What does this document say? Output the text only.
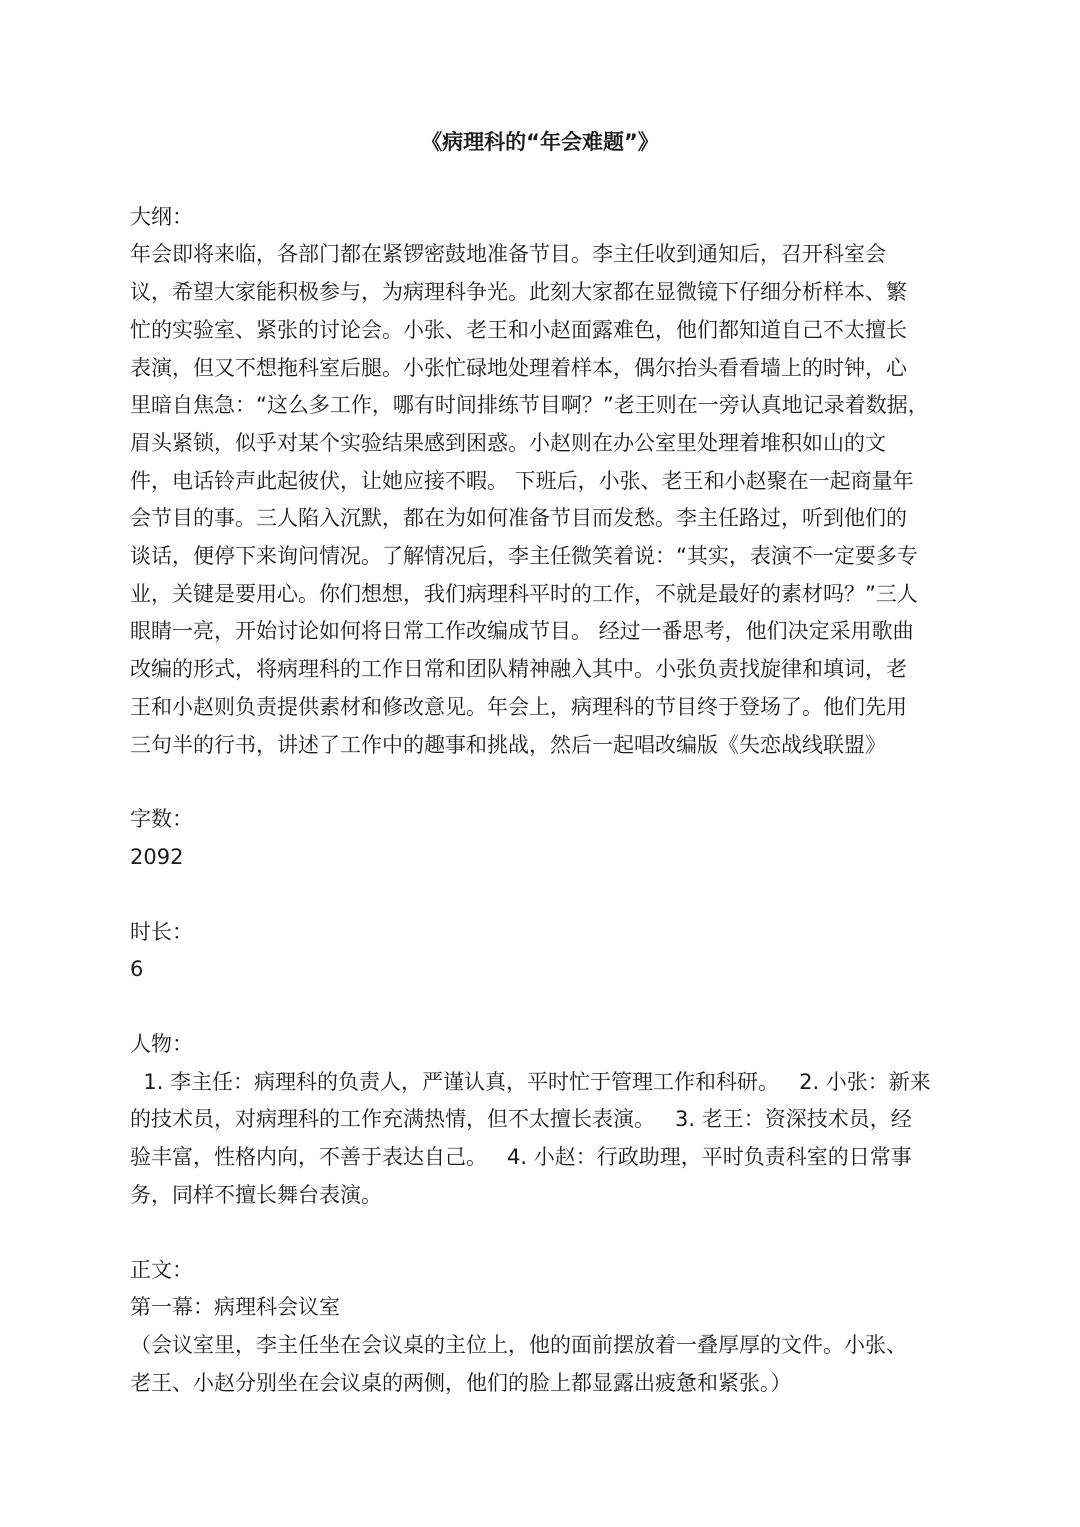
《病理科的“年会难题”》
大纲：
年会即将来临，各部门都在紧锣密鼓地准备节目。李主任收到通知后，召开科室会
议，希望大家能积极参与，为病理科争光。此刻大家都在显微镜下仔细分析样本、繁
忙的实验室、紧张的讨论会。小张、老王和小赵面露难色，他们都知道自己不太擅长
表演，但又不想拖科室后腿。小张忙碌地处理着样本，偶尔抬头看看墙上的时钟，心
里暗自焦急：“这么多工作，哪有时间排练节目啊？”老王则在一旁认真地记录着数据，
眉头紧锁，似乎对某个实验结果感到困惑。小赵则在办公室里处理着堆积如山的文
件，电话铃声此起彼伏，让她应接不暇。 下班后，小张、老王和小赵聚在一起商量年
会节目的事。三人陷入沉默，都在为如何准备节目而发愁。李主任路过，听到他们的
谈话，便停下来询问情况。了解情况后，李主任微笑着说：“其实，表演不一定要多专
业，关键是要用心。你们想想，我们病理科平时的工作，不就是最好的素材吗？”三人
眼睛一亮，开始讨论如何将日常工作改编成节目。 经过一番思考，他们决定采用歌曲
改编的形式，将病理科的工作日常和团队精神融入其中。小张负责找旋律和填词，老
王和小赵则负责提供素材和修改意见。年会上，病理科的节目终于登场了。他们先用
三句半的行书，讲述了工作中的趣事和挑战，然后一起唱改编版《失恋战线联盟》
字数：
2092
时长：
6
人物：
1. 李主任：病理科的负责人，严谨认真，平时忙于管理工作和科研。   2. 小张：新来
的技术员，对病理科的工作充满热情，但不太擅长表演。   3. 老王：资深技术员，经
验丰富，性格内向，不善于表达自己。   4. 小赵：行政助理，平时负责科室的日常事
务，同样不擅长舞台表演。
正文：
第一幕：病理科会议室
（会议室里，李主任坐在会议桌的主位上，他的面前摆放着一叠厚厚的文件。小张、
老王、小赵分别坐在会议桌的两侧，他们的脸上都显露出疲惫和紧张。）
